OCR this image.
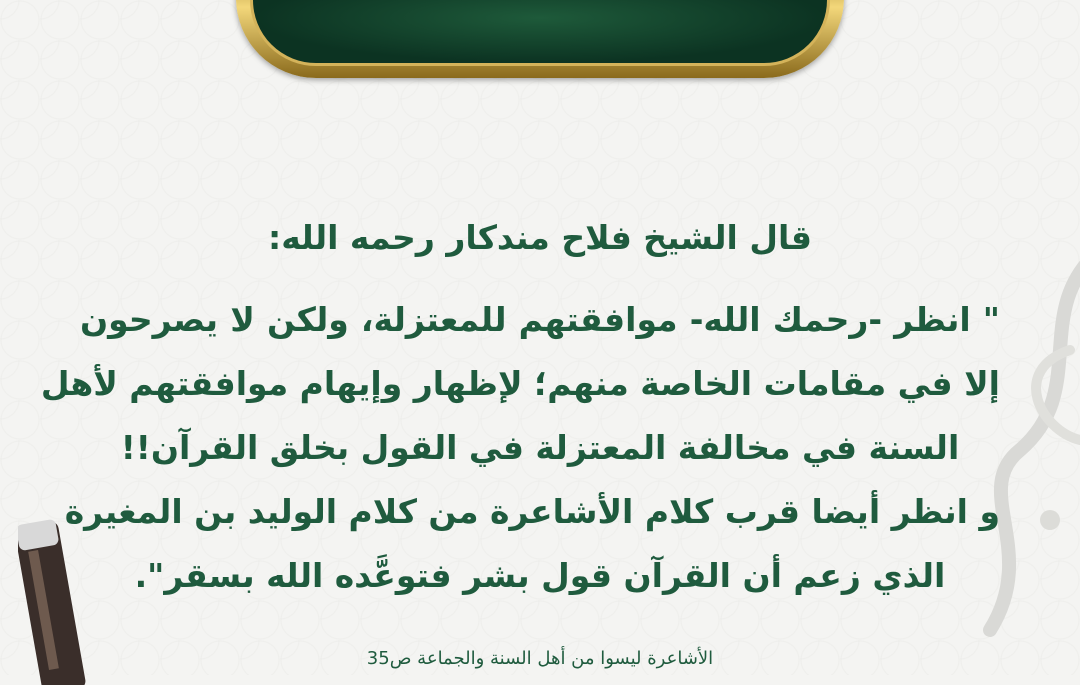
قال الشيخ فلاح مندكار رحمه الله:
" انظر -رحمك الله- موافقتهم للمعتزلة، ولكن لا يصرحون
إلا في مقامات الخاصة منهم؛ لإظهار وإيهام موافقتهم لأهل
السنة في مخالفة المعتزلة في القول بخلق القرآن!!
و انظر أيضا قرب كلام الأشاعرة من كلام الوليد بن المغيرة
الذي زعم أن القرآن قول بشر فتوعَّده الله بسقر".
الأشاعرة ليسوا من أهل السنة والجماعة ص35
